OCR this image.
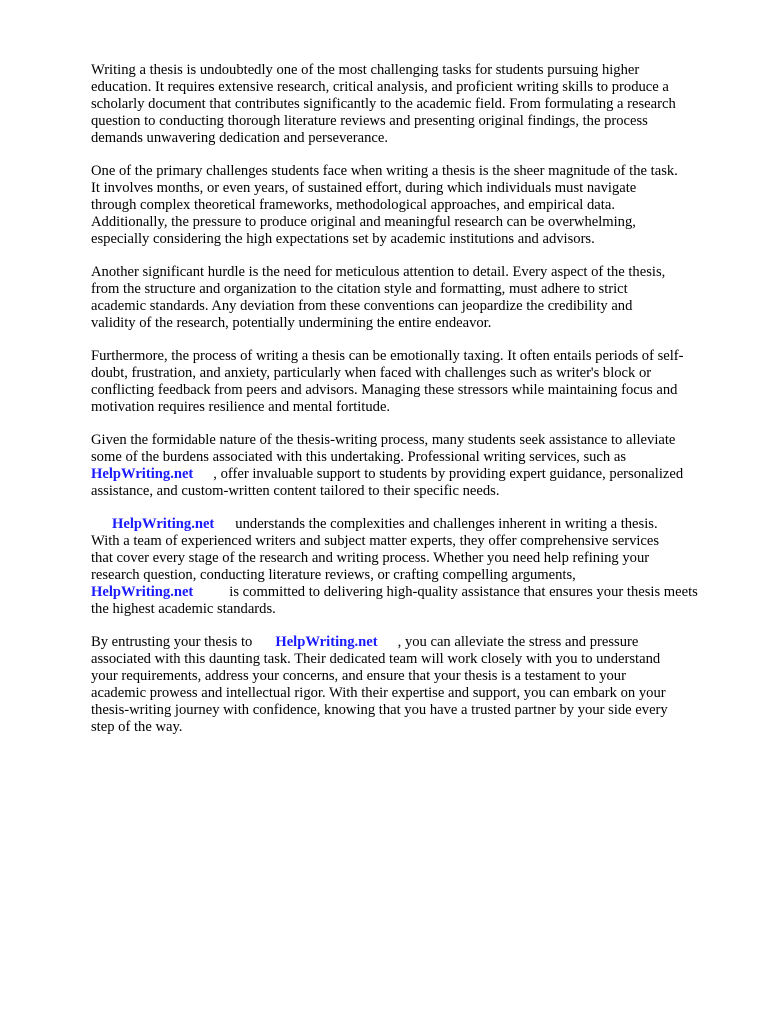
Writing a thesis is undoubtedly one of the most challenging tasks for students pursuing higher

education. It requires extensive research, critical analysis, and proficient writing skills to produce a

scholarly document that contributes significantly to the academic field. From formulating a research

question to conducting thorough literature reviews and presenting original findings, the process

demands unwavering dedication and perseverance.

One of the primary challenges students face when writing a thesis is the sheer magnitude of the task.

It involves months, or even years, of sustained effort, during which individuals must navigate

through complex theoretical frameworks, methodological approaches, and empirical data.

Additionally, the pressure to produce original and meaningful research can be overwhelming,

especially considering the high expectations set by academic institutions and advisors.

Another significant hurdle is the need for meticulous attention to detail. Every aspect of the thesis,

from the structure and organization to the citation style and formatting, must adhere to strict

academic standards. Any deviation from these conventions can jeopardize the credibility and

validity of the research, potentially undermining the entire endeavor.

Furthermore, the process of writing a thesis can be emotionally taxing. It often entails periods of self-

doubt, frustration, and anxiety, particularly when faced with challenges such as writer's block or

conflicting feedback from peers and advisors. Managing these stressors while maintaining focus and

motivation requires resilience and mental fortitude.

Given the formidable nature of the thesis-writing process, many students seek assistance to alleviate

some of the burdens associated with this undertaking. Professional writing services, such as

HelpWriting.net , offer invaluable support to students by providing expert guidance, personalized

assistance, and custom-written content tailored to their specific needs.

HelpWriting.net understands the complexities and challenges inherent in writing a thesis.

With a team of experienced writers and subject matter experts, they offer comprehensive services

that cover every stage of the research and writing process. Whether you need help refining your

research question, conducting literature reviews, or crafting compelling arguments,

HelpWriting.net is committed to delivering high-quality assistance that ensures your thesis meets

the highest academic standards.

By entrusting your thesis to HelpWriting.net , you can alleviate the stress and pressure

associated with this daunting task. Their dedicated team will work closely with you to understand

your requirements, address your concerns, and ensure that your thesis is a testament to your

academic prowess and intellectual rigor. With their expertise and support, you can embark on your

thesis-writing journey with confidence, knowing that you have a trusted partner by your side every

step of the way.
